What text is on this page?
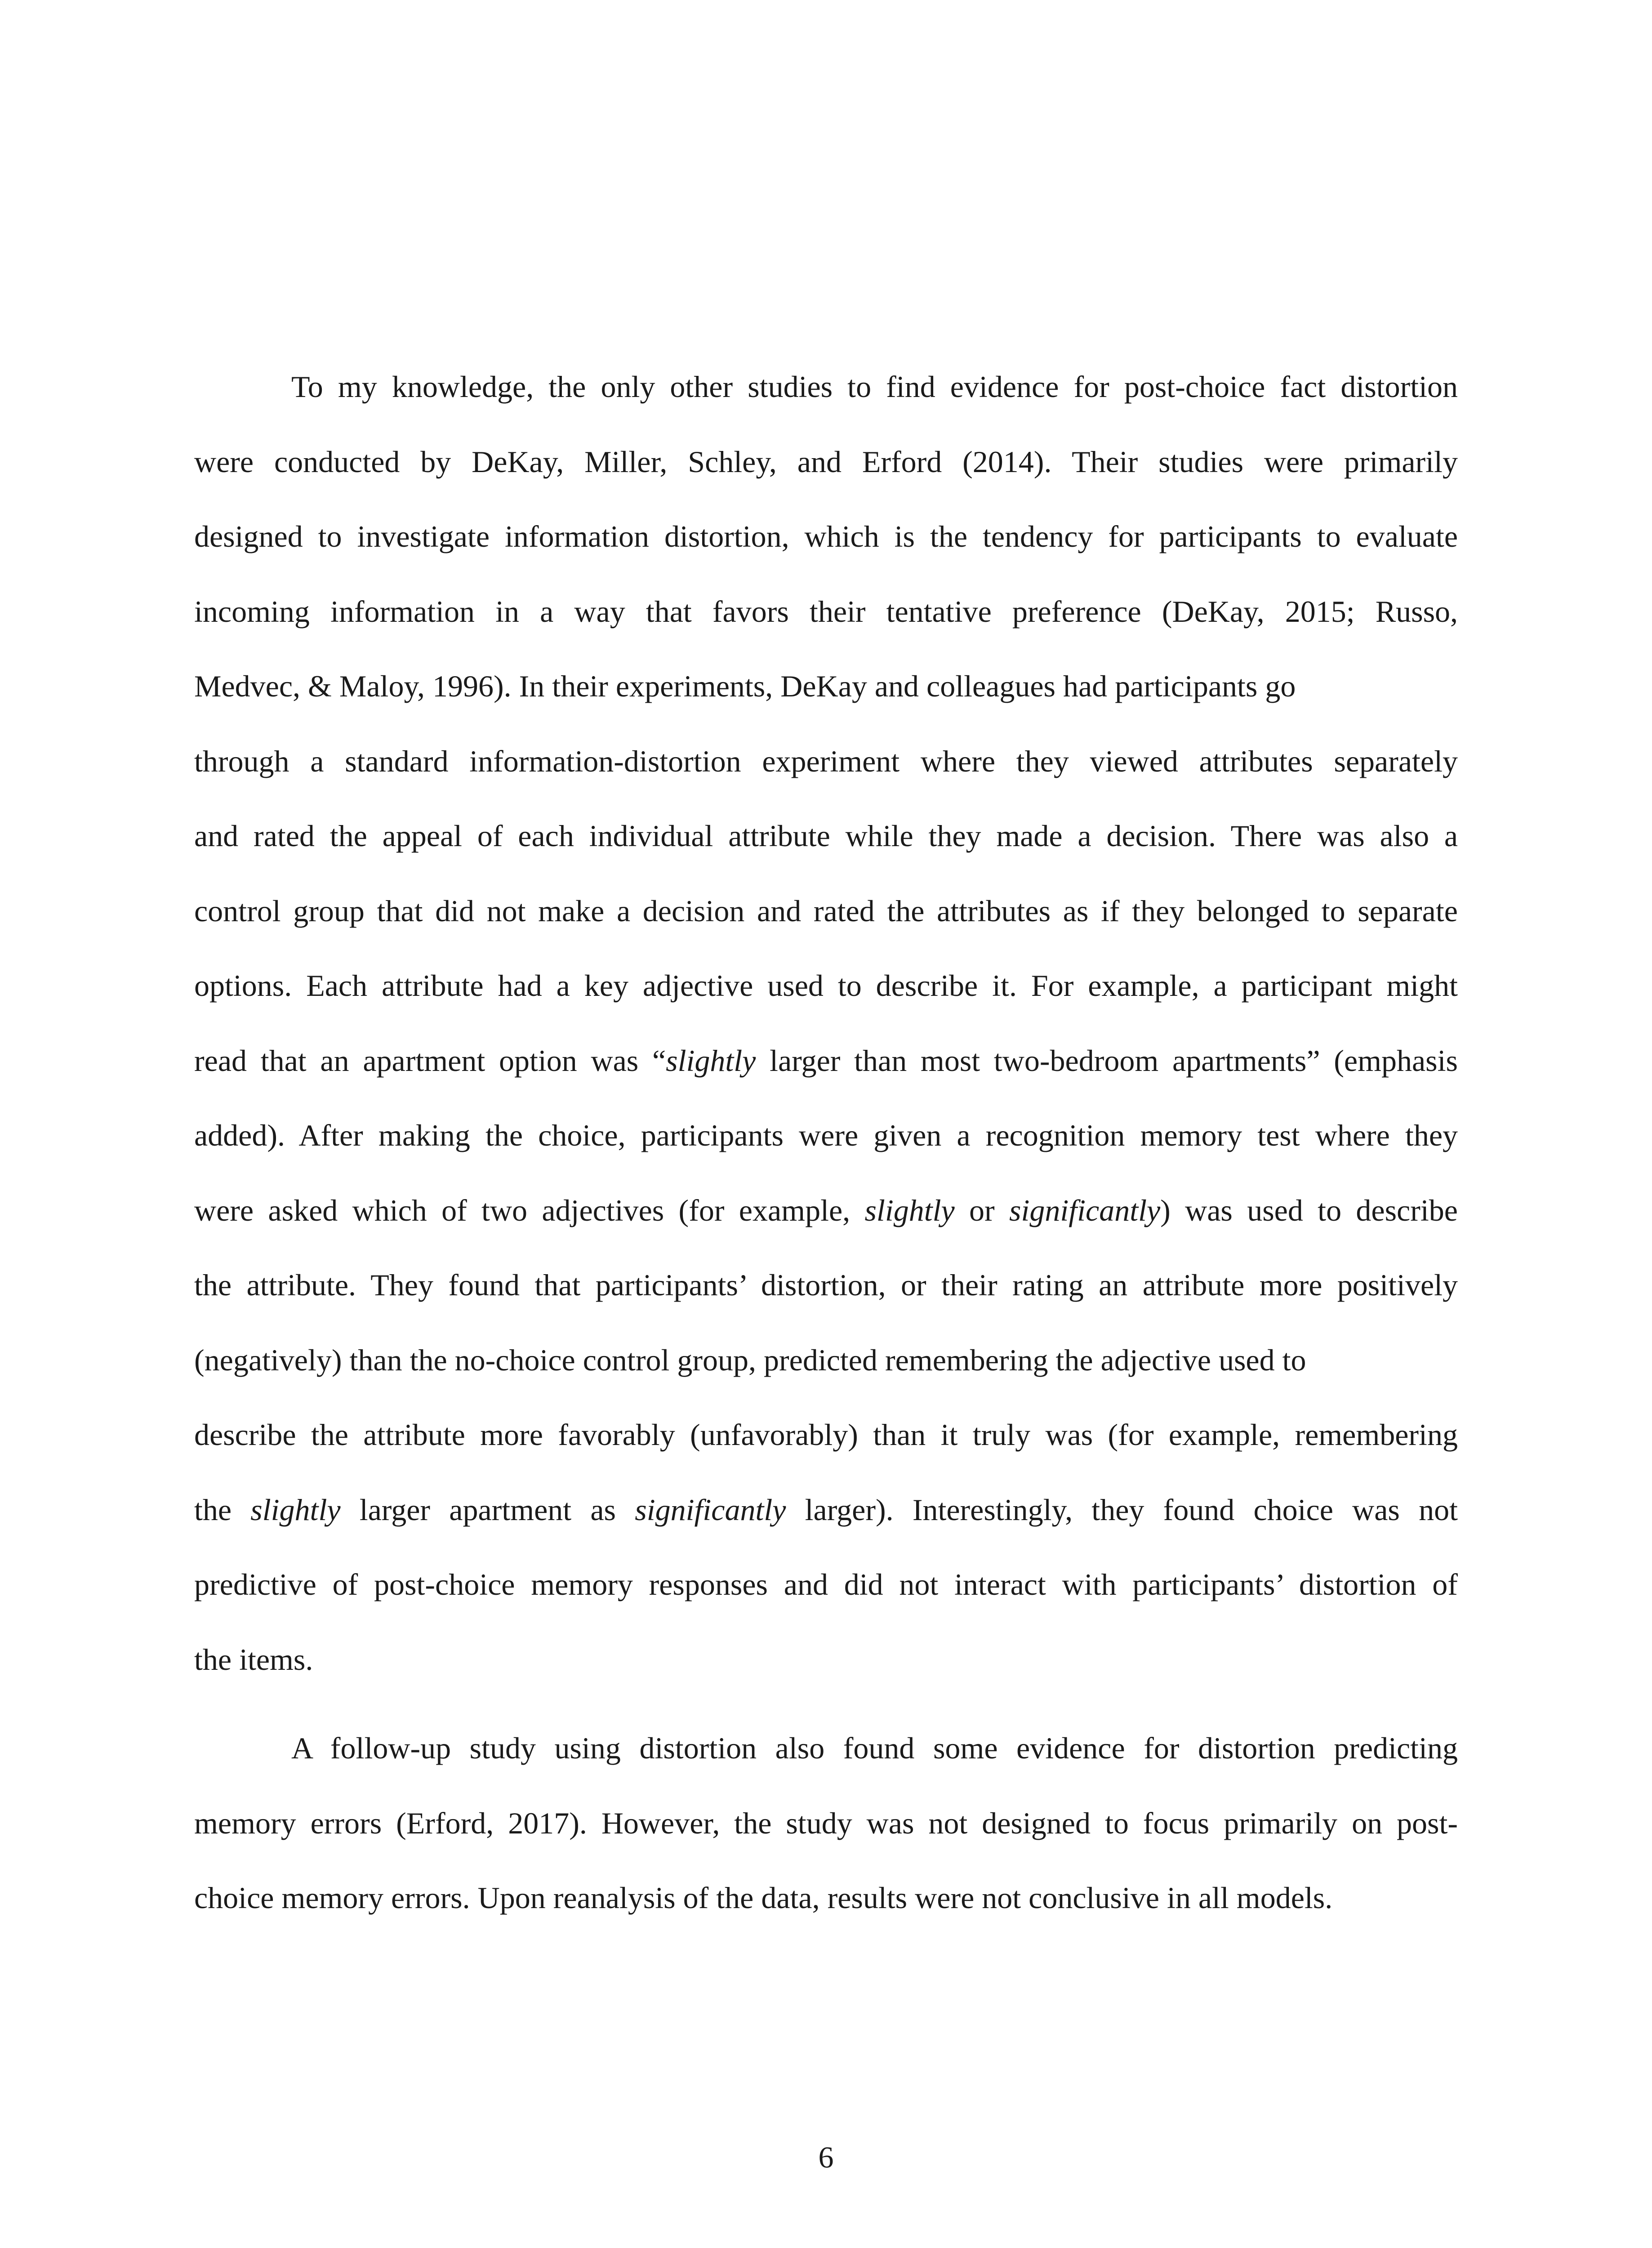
To my knowledge, the only other studies to find evidence for post-choice fact distortion
were conducted by DeKay, Miller, Schley, and Erford (2014). Their studies were primarily
designed to investigate information distortion, which is the tendency for participants to evaluate
incoming information in a way that favors their tentative preference (DeKay, 2015; Russo,
Medvec, & Maloy, 1996). In their experiments, DeKay and colleagues had participants go
through a standard information-distortion experiment where they viewed attributes separately
and rated the appeal of each individual attribute while they made a decision. There was also a
control group that did not make a decision and rated the attributes as if they belonged to separate
options. Each attribute had a key adjective used to describe it. For example, a participant might
read that an apartment option was “slightly larger than most two-bedroom apartments” (emphasis
added). After making the choice, participants were given a recognition memory test where they
were asked which of two adjectives (for example, slightly or significantly) was used to describe
the attribute. They found that participants’ distortion, or their rating an attribute more positively
(negatively) than the no-choice control group, predicted remembering the adjective used to
describe the attribute more favorably (unfavorably) than it truly was (for example, remembering
the slightly larger apartment as significantly larger). Interestingly, they found choice was not
predictive of post-choice memory responses and did not interact with participants’ distortion of
the items.
A follow-up study using distortion also found some evidence for distortion predicting
memory errors (Erford, 2017). However, the study was not designed to focus primarily on post-
choice memory errors. Upon reanalysis of the data, results were not conclusive in all models.
6
